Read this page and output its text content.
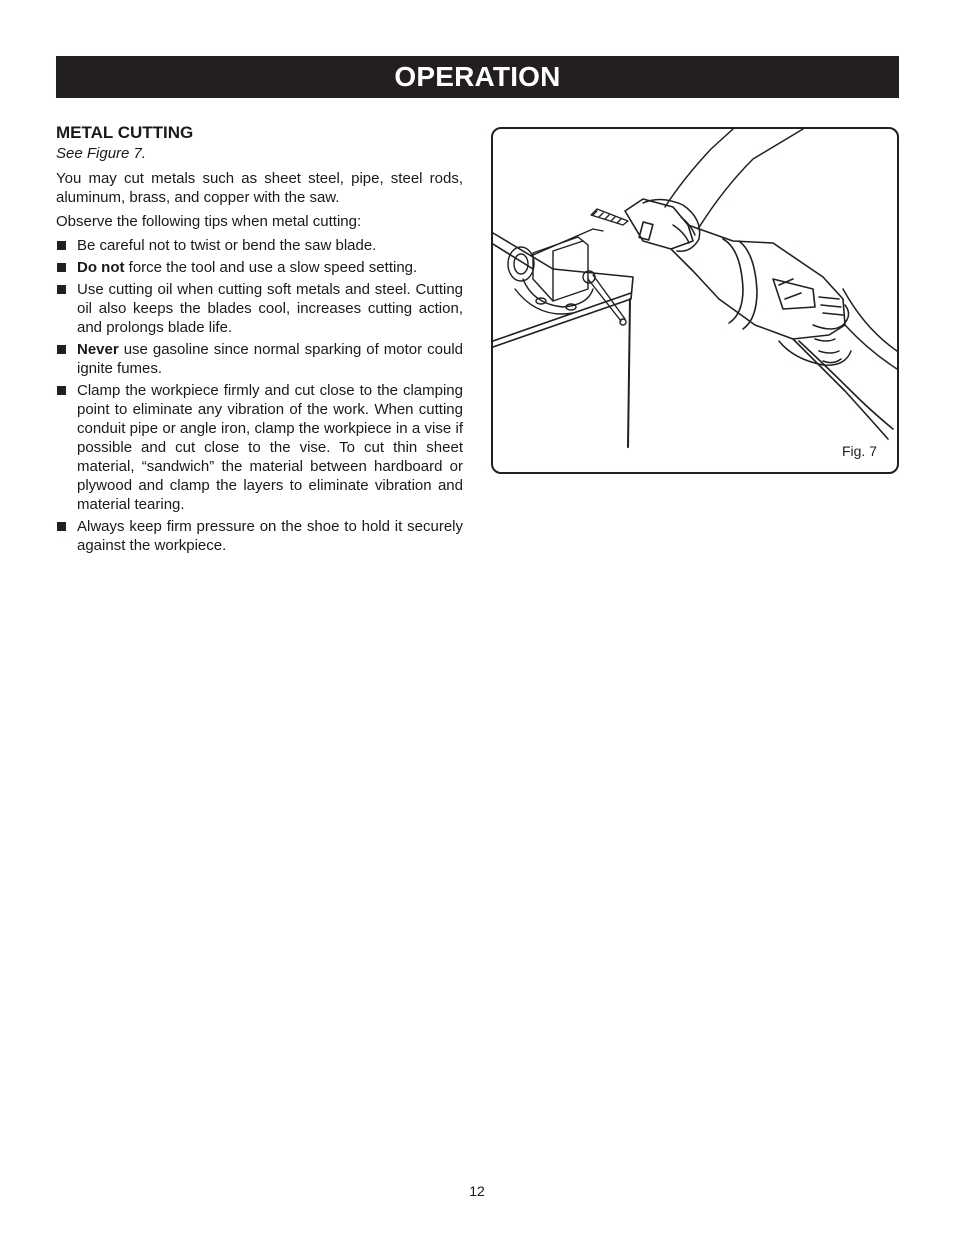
OPERATION

METAL CUTTING

See Figure 7.

You may cut metals such as sheet steel, pipe, steel rods, aluminum, brass, and copper with the saw.

Observe the following tips when metal cutting:

Be careful not to twist or bend the saw blade.
Do not force the tool and use a slow speed setting.
Use cutting oil when cutting soft metals and steel. Cutting oil also keeps the blades cool, increases cutting action, and prolongs blade life.
Never use gasoline since normal sparking of motor could ignite fumes.
Clamp the workpiece firmly and cut close to the clamping point to eliminate any vibration of the work. When cutting conduit pipe or angle iron, clamp the workpiece in a vise if possible and cut close to the vise. To cut thin sheet material, “sandwich” the material between hardboard or plywood and clamp the layers to eliminate vibration and material tearing.
Always keep firm pressure on the shoe to hold it securely against the workpiece.
Fig. 7
12
